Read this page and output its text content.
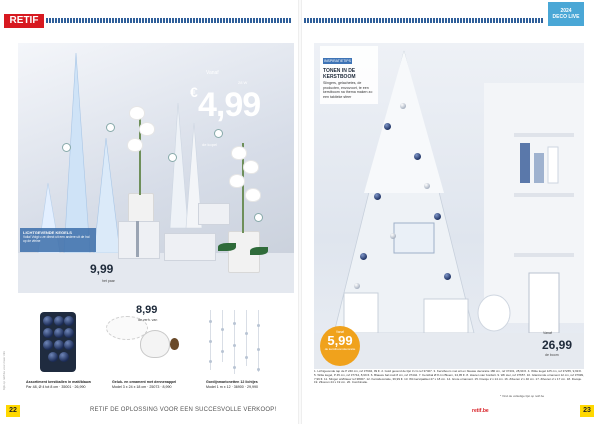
RETIF
2024
DECO LIVE
Vanaf
€ 4,99
28 W
de kopel
LICHTGEVENDE KEGELS
Voila! Volgt u ze direct uit een andere uit de hal op de vitrine
9,99
het paar
8,99
de verh. van
Assortiment kerstballen in matt/blauw
Par 48, Ø 4 tot 8 cm · 35001 · 26,990
Geluk- en ornament met dennenappel
Model 3 x 24 x 18 cm · 25073 · 8,990
Gordijnmarionetten 12 lichtjes
Model 1 m x 12 · 36900 · 29,990
Kijk op retif.be voor meer info
22	RETIF DE OPLOSSING VOOR EEN SUCCESVOLLE VERKOOP!
INSPIRATIETIPS
TONEN IN DE KERSTBOOM
Slingers, gelachetes, de producten, enzovoort, te een kerstboom na thema maken zo een taktieke sfeer
Vanaf
5,99
de kerstboomdecoratie
Vanaf
26,99
de boom
1. Lichtgevende tap de P 240 cm, ref 37994, 99 €. 2. Gold gevend de lijst 3 cm ref 37407. 3. Kerstboom met wit en blauwe decoratie 180 cm, ref 37401, 28,99 €. 4. Witte kegel 125 cm, ref 37265, 9,99 €. 5. Witte kegel, P 45 cm, ref 37744, 8,99 €. 6. Blauwe bal matt 8 cm, ref 37442. 7. Kerstbal Ø 8 cm Bloem, 34,95 €. 8. Houten ster bordwit. 9. Wit ster, ref 37657. 10. Glanzende ornament 12 cm, ref 37999, 7,99 €. 11. Slinger wit/blauw ref 38007. 12. Kerstdecoratie, 39,99 €. 13. Wit kerstpakket 27 x 18 cm. 14. Grote ornament. 15. Doosje 2 x 14 cm. 16. Zilveren 2 x 40 cm. 17. Zilveren 2 x 17 cm. 18. Doosje. 19. Zilveren 24 x 19 cm. 20. Combinatie.
* Vind de volledige lijst op retif.be
retif.be	23
